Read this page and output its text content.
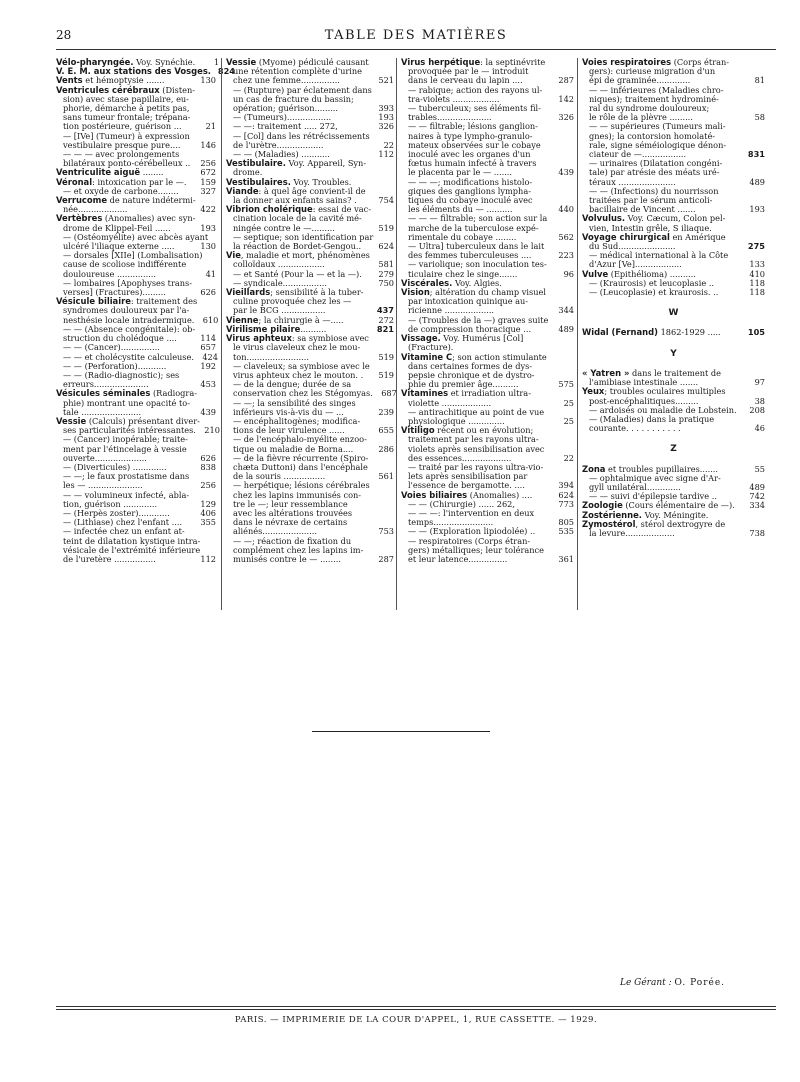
28	TABLE DES MATIÈRES
Vélo-pharyngée. Voy. Synéchie.	1
V. E. M. aux stations des Vosges. 824
Vents et hémoptysie .......	130
Ventricules cérébraux (Disten-
sion) avec stase papillaire, eu-
phorie, démarche à petits pas,
sans tumeur frontale; trépana-
tion postérieure, guérison ...	21
— [IVe] (Tumeur) à expression
vestibulaire presque pure....	146
— — — avec prolongements
bilatéraux ponto-cérébelleux ..	256
Ventriculite aiguë ........	672
Véronal: intoxication par le —.	159
— et oxyde de carbone........	327
Verrucome de nature indétermi-
née...................	422
Vertèbres (Anomalies) avec syn-
drome de Klippel-Feil ......	193
— (Ostéomyélite) avec abcès ayant
ulcéré l'iliaque externe .....	130
— dorsales [XIIe] (Lombalisation)
cause de scoliose indifférente
douloureuse ...............	41
— lombaires [Apophyses trans-
verses] (Fractures).........	626
Vésicule biliaire: traitement des
syndromes douloureux par l'a-
nesthésie locale intradermique.	610
— — (Absence congénitale): ob-
struction du cholédoque ....	114
— — (Cancer)...............	657
— — et cholécystite calculeuse.	424
— — (Perforation)...........	192
— — (Radio-diagnostic); ses
erreurs.....................	453
Vésicules séminales (Radiogra-
phie) montrant une opacité to-
tale .......................	439
Vessie (Calculs) présentant diver-
ses particularités intéressantes.	210
— (Cancer) inopérable; traite-
ment par l'étincelage à vessie
ouverte....................	626
— (Diverticules) .............	838
— —; le faux prostatisme dans
les — .....................	256
— — volumineux infecté, abla-
tion, guérison .............	129
— (Herpès zoster)............	406
— (Lithiase) chez l'enfant ....	355
— infectée chez un enfant at-
teint de dilatation kystique intra-
vésicale de l'extrémité inférieure
de l'uretère ................	112
Vessie (Myome) pédiculé causant
une rétention complète d'urine
chez une femme...............	521
— (Rupture) par éclatement dans
un cas de fracture du bassin;
opération; guérison.........	393
— (Tumeurs).................	193
— —: traitement ..... 272,	326
— [Col] dans les rétrécissements
de l'urètre..................	22
— — (Maladies) ...........	112
Vestibulaire. Voy. Appareil, Syn-
drome.
Vestibulaires. Voy. Troubles.
Viande: à quel âge convient-il de
la donner aux enfants sains? .	754
Vibrion cholérique: essai de vac-
cination locale de la cavité mé-
ningée contre le —.........	519
— septique; son identification par
la réaction de Bordet-Gengou..	624
Vie, maladie et mort, phénomènes
colloïdaux ..................	581
— et Santé (Pour la — et la —).	279
— syndicale.................	750
Vieillards; sensibilité à la tuber-
culine provoquée chez les —
par le BCG .................	437
Vienne; la chirurgie à —.....	272
Virilisme pilaire..........	821
Virus aphteux: sa symbiose avec
le virus claveleux chez le mou-
ton........................	519
— claveleux; sa symbiose avec le
virus aphteux chez le mouton. .	519
— de la dengue; durée de sa
conservation chez les Stégomyas.	687
— —; la sensibilité des singes
inférieurs vis-à-vis du — ...	239
— encéphalitogènes; modifica-
tions de leur virulence ......	655
— de l'encéphalo-myélite enzoo-
tique ou maladie de Borna....	286
— de la fièvre récurrente (Spiro-
chæta Duttoni) dans l'encéphale
de la souris ................	561
— herpétique; lésions cérébrales
chez les lapins immunisés con-
tre le —; leur ressemblance
avec les altérations trouvées
dans le névraxe de certains
aliénés.....................	753
— —; réaction de fixation du
complément chez les lapins im-
munisés contre le — ........	287
Virus herpétique: la septinévrite
provoquée par le — introduit
dans le cerveau du lapin ....	287
— rabique; action des rayons ul-
tra-violets ..................	142
— tuberculeux; ses éléments fil-
trables.....................	326
— — filtrable; lésions ganglion-
naires à type lympho-granulo-
mateux observées sur le cobaye
inoculé avec les organes d'un
fœtus humain infecté à travers
le placenta par le — .......	439
— — —; modifications histolo-
giques des ganglions lympha-
tiques du cobaye inoculé avec
les éléments du — ..........	440
— — — filtrable; son action sur la
marche de la tuberculose expé-
rimentale du cobaye ........	562
— Ultra] tuberculeux dans le lait
des femmes tuberculeuses ....	223
— variolique; son inoculation tes-
ticulaire chez le singe.......	96
Viscérales. Voy. Algies.
Vision; altération du champ visuel
par intoxication quinique au-
ricienne ...................	344
— (Troubles de la —) graves suite
de compression thoracique ...	489
Vissage. Voy. Humérus [Col]
(Fracture).
Vitamine C; son action stimulante
dans certaines formes de dys-
pepsie chronique et de dystro-
phie du premier âge..........	575
Vitamines et irradiation ultra-
violette ...................	25
— antirachitique au point de vue
physiologique ..............	25
Vitiligo récent ou en évolution;
traitement par les rayons ultra-
violets après sensibilisation avec
des essences...................	22
— traité par les rayons ultra-vio-
lets après sensibilisation par
l'essence de bergamotte. ....	394
Voies biliaires (Anomalies) ....	624
— — (Chirurgie) ...... 262,	773
— — —: l'intervention en deux
temps.......................	805
— — (Exploration lipiodolée) ..	535
— respiratoires (Corps étran-
gers) métalliques; leur tolérance
et leur latence...............	361
Voies respiratoires (Corps étran-
gers): curieuse migration d'un
épi de graminée.............	81
— — inférieures (Maladies chro-
niques); traitement hydrominé-
ral du syndrome douloureux;
le rôle de la plèvre .........	58
— — supérieures (Tumeurs mali-
gnes); la contorsion homolaté-
rale, signe séméiologique dénon-
ciateur de —.................	831
— urinaires (Dilatation congéni-
tale) par atrésie des méats uré-
téraux ......................	489
— — (Infections) du nourrisson
traitées par le sérum anticoli-
bacillaire de Vincent .......	193
Volvulus. Voy. Cæcum, Colon pel-
vien, Intestin grêle, S iliaque.
Voyage chirurgical en Amérique
du Sud......................	275
— médical international à la Côte
d'Azur [Ve]..................	133
Vulve (Epithélioma) ..........	410
— (Kraurosis) et leucoplasie ..	118
— (Leucoplasie) et kraurosis. ..	118
W
Widal (Fernand) 1862-1929 .....	105
Y
« Yatren » dans le traitement de
l'amibiase intestinale .......	97
Yeux; troubles oculaires multiples
post-encéphalitiques.........	38
— ardoisés ou maladie de Lobstein.	208
— (Maladies) dans la pratique
courante. . . . . . . . . . .	46
Z
Zona et troubles pupillaires.......	55
— ophtalmique avec signe d'Ar-
gyll unilatéral.............	489
— — suivi d'épilepsie tardive ..	742
Zoologie (Cours élémentaire de —).	334
Zostérienne. Voy. Méningite.
Zymostérol, stérol dextrogyre de
la levure...................	738
Le Gérant : O. Porée.
PARIS. — IMPRIMERIE DE LA COUR D'APPEL, 1, RUE CASSETTE. — 1929.
